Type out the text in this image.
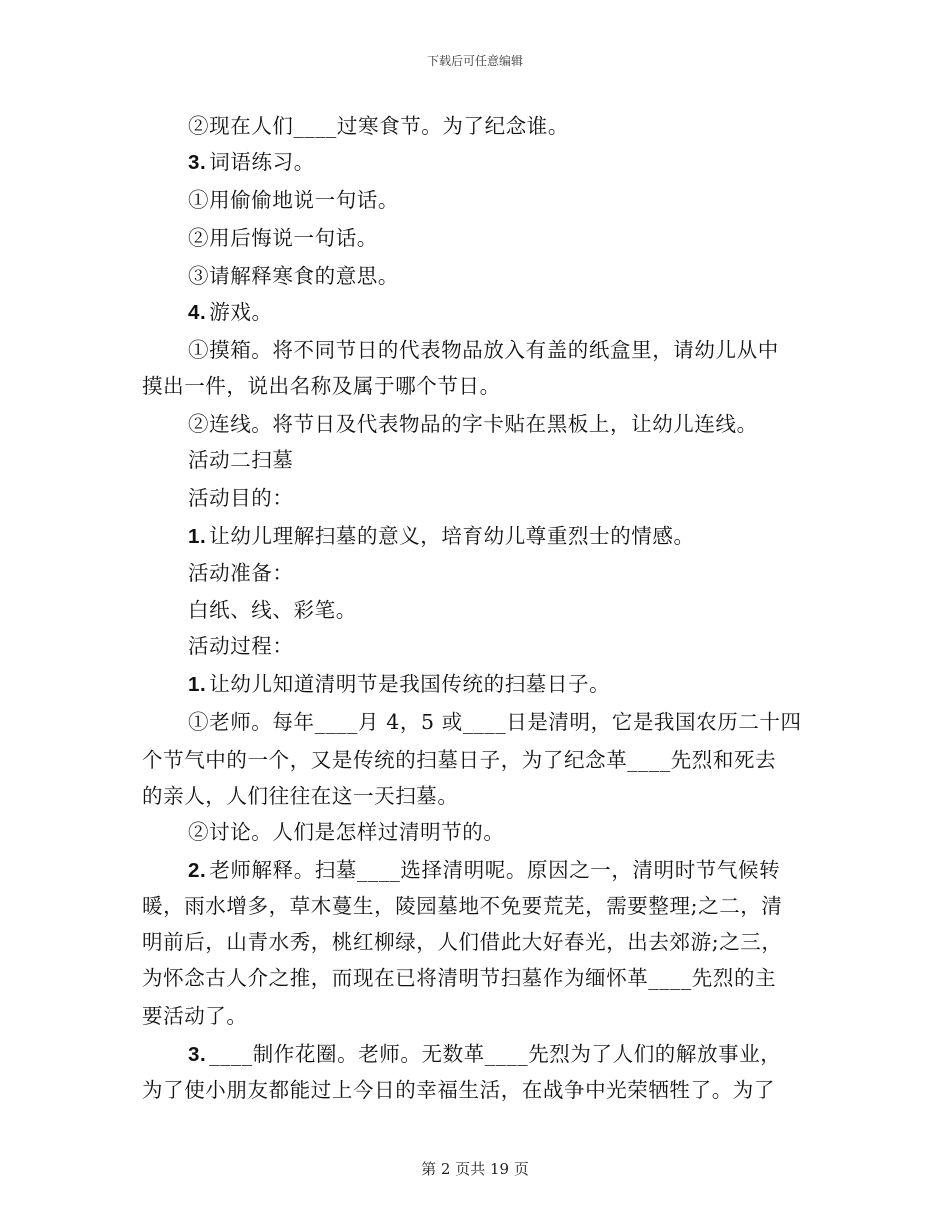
下载后可任意编辑
②现在人们____过寒食节。为了纪念谁。
3. 词语练习。
①用偷偷地说一句话。
②用后悔说一句话。
③请解释寒食的意思。
4. 游戏。
①摸箱。将不同节日的代表物品放入有盖的纸盒里，请幼儿从中
摸出一件，说出名称及属于哪个节日。
②连线。将节日及代表物品的字卡贴在黑板上，让幼儿连线。
活动二扫墓
活动目的：
1. 让幼儿理解扫墓的意义，培育幼儿尊重烈士的情感。
活动准备：
白纸、线、彩笔。
活动过程：
1. 让幼儿知道清明节是我国传统的扫墓日子。
①老师。每年____月 4，5 或____日是清明，它是我国农历二十四
个节气中的一个，又是传统的扫墓日子，为了纪念革____先烈和死去
的亲人，人们往往在这一天扫墓。
②讨论。人们是怎样过清明节的。
2. 老师解释。扫墓____选择清明呢。原因之一，清明时节气候转
暖，雨水增多，草木蔓生，陵园墓地不免要荒芜，需要整理;之二，清
明前后，山青水秀，桃红柳绿，人们借此大好春光，出去郊游;之三，
为怀念古人介之推，而现在已将清明节扫墓作为缅怀革____先烈的主
要活动了。
3. ____制作花圈。老师。无数革____先烈为了人们的解放事业，
为了使小朋友都能过上今日的幸福生活，在战争中光荣牺牲了。为了
第 2 页共 19 页
